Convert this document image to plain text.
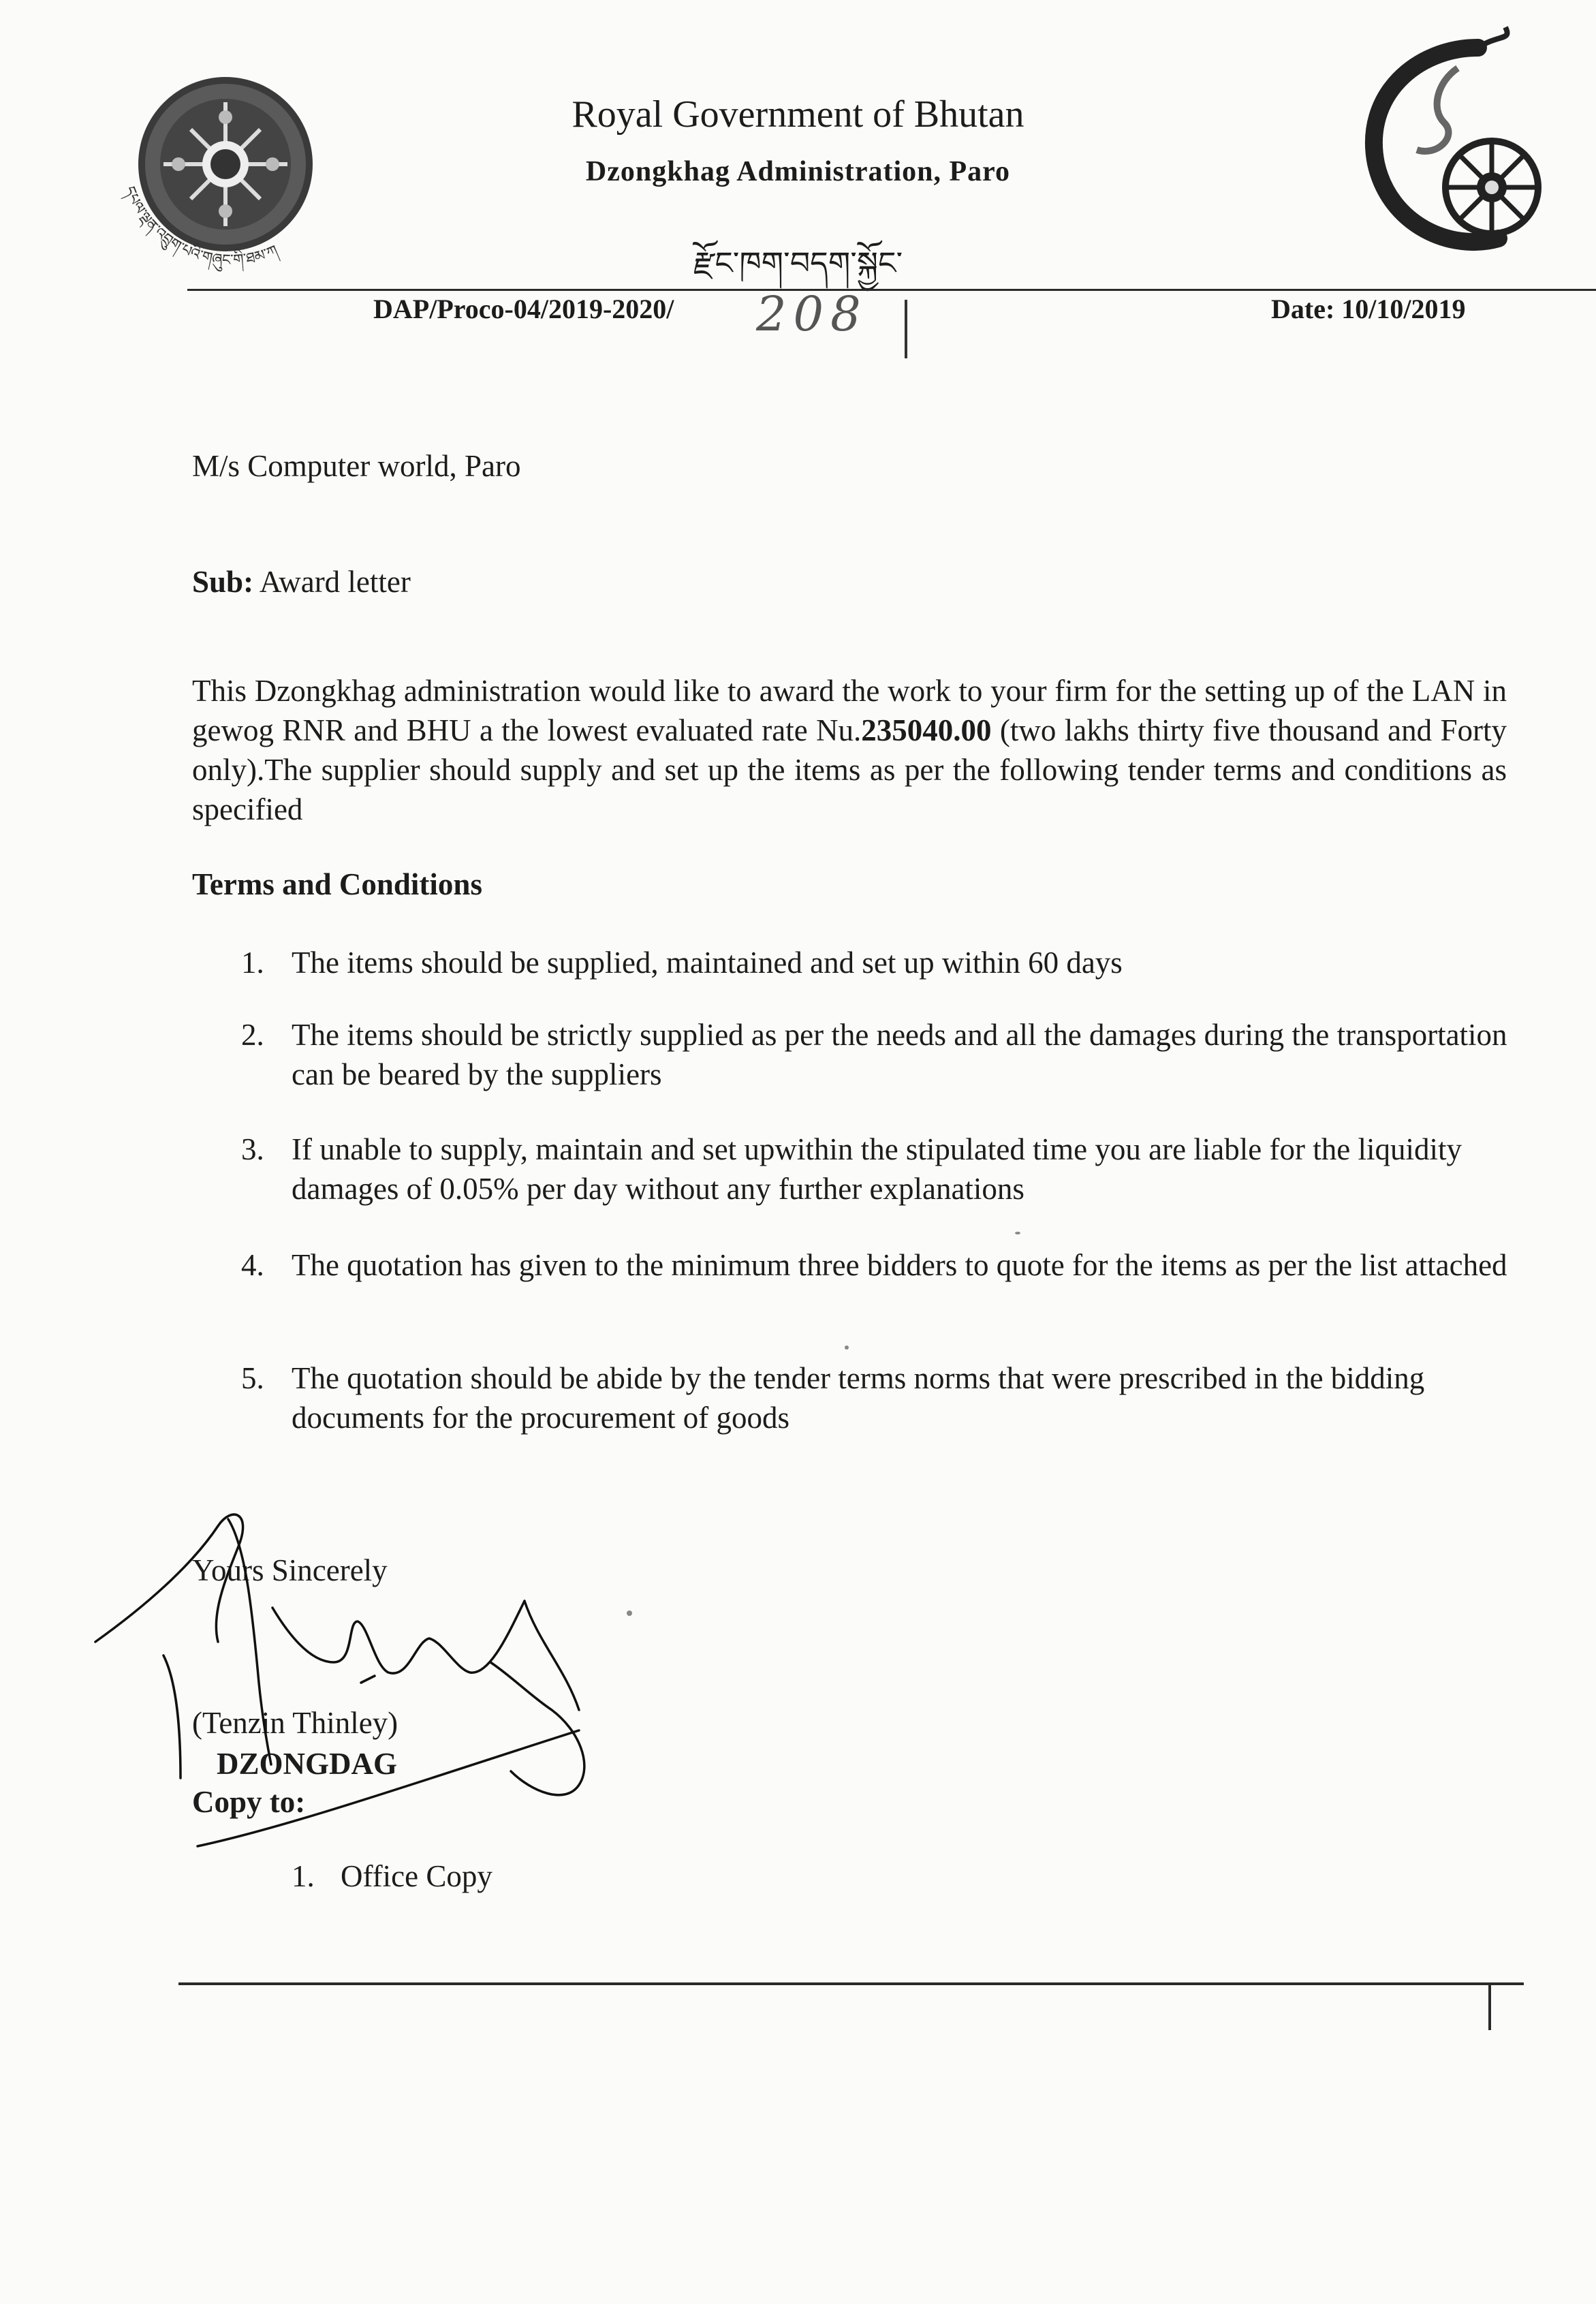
དཔལ་ལྡན་འབྲུག་པའི་གཞུང་གི་ཐམ་ཀ
Royal Government of Bhutan
Dzongkhag Administration, Paro
རྫོང་ཁག་བདག་སྐྱོང་
DAP/Proco-04/2019-2020/ 208	Date: 10/10/2019
M/s Computer world, Paro
Sub: Award letter
This Dzongkhag administration would like to award the work to your firm for the setting up of the LAN in gewog RNR and BHU a the lowest evaluated rate Nu.235040.00 (two lakhs thirty five thousand and Forty only).The supplier should supply and set up the items as per the following tender terms and conditions as specified
Terms and Conditions
1. The items should be supplied, maintained and set up within 60 days
2. The items should be strictly supplied as per the needs and all the damages during the transportation can be beared by the suppliers
3. If unable to supply, maintain and set upwithin the stipulated time you are liable for the liquidity damages of 0.05% per day without any further explanations
4. The quotation has given to the minimum three bidders to quote for the items as per the list attached
5. The quotation should be abide by the tender terms norms that were prescribed in the bidding documents for the procurement of goods
Yours Sincerely
(Tenzin Thinley)
DZONGDAG
Copy to:
1. Office Copy
